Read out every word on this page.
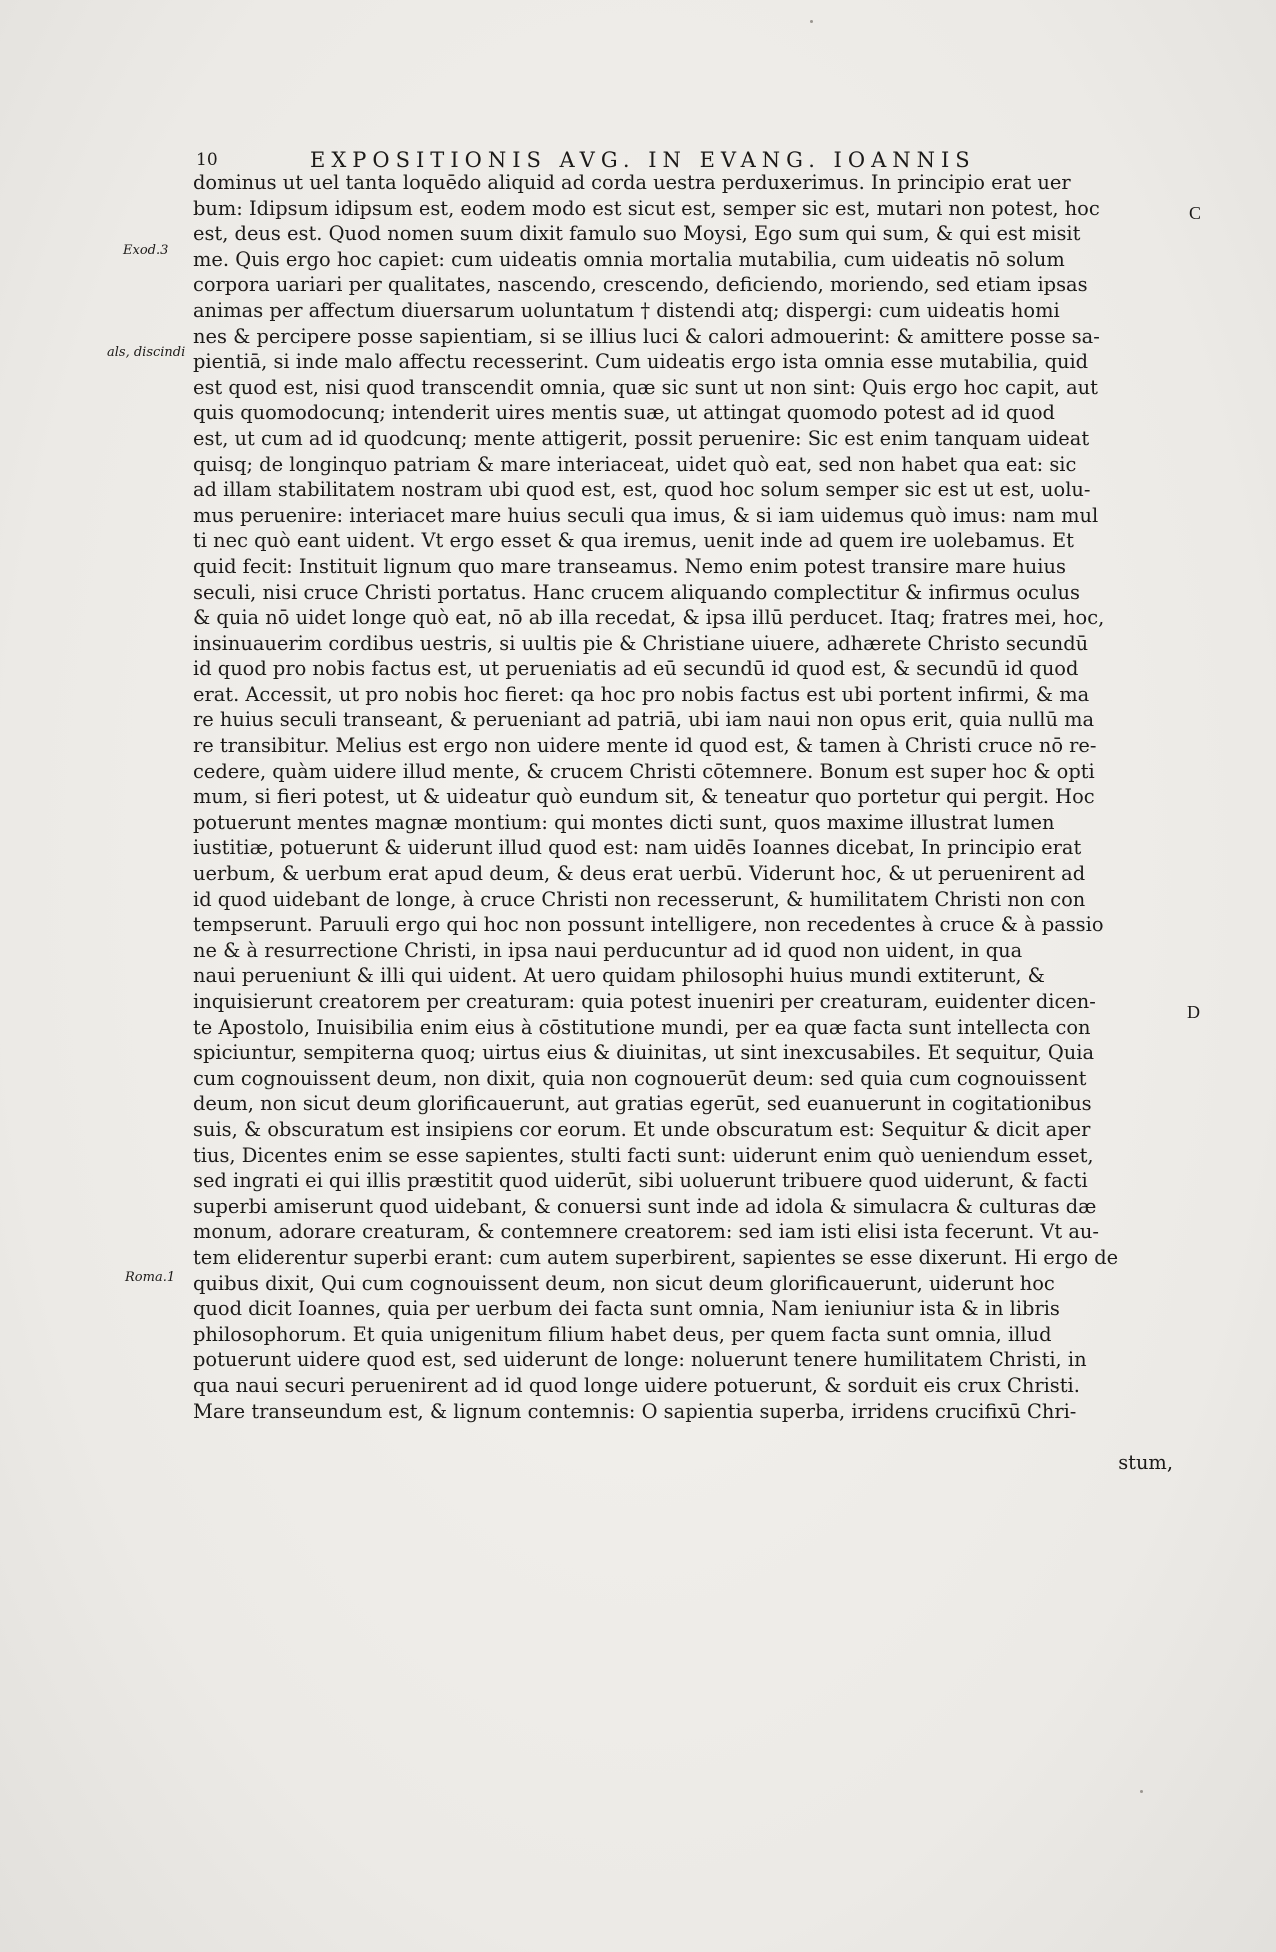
10	EXPOSITIONIS AVG. IN EVANG. IOANNIS
Exod.3
als, discindi
Roma.1
C
D
dominus ut uel tanta loquēdo aliquid ad corda uestra perduxerimus. In principio erat uer
bum: Idipsum idipsum est, eodem modo est sicut est, semper sic est, mutari non potest, hoc
est, deus est. Quod nomen suum dixit famulo suo Moysi, Ego sum qui sum, & qui est misit
me. Quis ergo hoc capiet: cum uideatis omnia mortalia mutabilia, cum uideatis nō solum
corpora uariari per qualitates, nascendo, crescendo, deficiendo, moriendo, sed etiam ipsas
animas per affectum diuersarum uoluntatum † distendi atq; dispergi: cum uideatis homi
nes & percipere posse sapientiam, si se illius luci & calori admouerint: & amittere posse sa-
pientiā, si inde malo affectu recesserint. Cum uideatis ergo ista omnia esse mutabilia, quid
est quod est, nisi quod transcendit omnia, quæ sic sunt ut non sint: Quis ergo hoc capit, aut
quis quomodocunq; intenderit uires mentis suæ, ut attingat quomodo potest ad id quod
est, ut cum ad id quodcunq; mente attigerit, possit peruenire: Sic est enim tanquam uideat
quisq; de longinquo patriam & mare interiaceat, uidet quò eat, sed non habet qua eat: sic
ad illam stabilitatem nostram ubi quod est, est, quod hoc solum semper sic est ut est, uolu-
mus peruenire: interiacet mare huius seculi qua imus, & si iam uidemus quò imus: nam mul
ti nec quò eant uident. Vt ergo esset & qua iremus, uenit inde ad quem ire uolebamus. Et
quid fecit: Instituit lignum quo mare transeamus. Nemo enim potest transire mare huius
seculi, nisi cruce Christi portatus. Hanc crucem aliquando complectitur & infirmus oculus
& quia nō uidet longe quò eat, nō ab illa recedat, & ipsa illū perducet. Itaq; fratres mei, hoc,
insinuauerim cordibus uestris, si uultis pie & Christiane uiuere, adhærete Christo secundū
id quod pro nobis factus est, ut perueniatis ad eū secundū id quod est, & secundū id quod
erat. Accessit, ut pro nobis hoc fieret: qa hoc pro nobis factus est ubi portent infirmi, & ma
re huius seculi transeant, & perueniant ad patriā, ubi iam naui non opus erit, quia nullū ma
re transibitur. Melius est ergo non uidere mente id quod est, & tamen à Christi cruce nō re-
cedere, quàm uidere illud mente, & crucem Christi cōtemnere. Bonum est super hoc & opti
mum, si fieri potest, ut & uideatur quò eundum sit, & teneatur quo portetur qui pergit. Hoc
potuerunt mentes magnæ montium: qui montes dicti sunt, quos maxime illustrat lumen
iustitiæ, potuerunt & uiderunt illud quod est: nam uidēs Ioannes dicebat, In principio erat
uerbum, & uerbum erat apud deum, & deus erat uerbū. Viderunt hoc, & ut peruenirent ad
id quod uidebant de longe, à cruce Christi non recesserunt, & humilitatem Christi non con
tempserunt. Paruuli ergo qui hoc non possunt intelligere, non recedentes à cruce & à passio
ne & à resurrectione Christi, in ipsa naui perducuntur ad id quod non uident, in qua
naui perueniunt & illi qui uident. At uero quidam philosophi huius mundi extiterunt, &
inquisierunt creatorem per creaturam: quia potest inueniri per creaturam, euidenter dicen-
te Apostolo, Inuisibilia enim eius à cōstitutione mundi, per ea quæ facta sunt intellecta con
spiciuntur, sempiterna quoq; uirtus eius & diuinitas, ut sint inexcusabiles. Et sequitur, Quia
cum cognouissent deum, non dixit, quia non cognouerūt deum: sed quia cum cognouissent
deum, non sicut deum glorificauerunt, aut gratias egerūt, sed euanuerunt in cogitationibus
suis, & obscuratum est insipiens cor eorum. Et unde obscuratum est: Sequitur & dicit aper
tius, Dicentes enim se esse sapientes, stulti facti sunt: uiderunt enim quò ueniendum esset,
sed ingrati ei qui illis præstitit quod uiderūt, sibi uoluerunt tribuere quod uiderunt, & facti
superbi amiserunt quod uidebant, & conuersi sunt inde ad idola & simulacra & culturas dæ
monum, adorare creaturam, & contemnere creatorem: sed iam isti elisi ista fecerunt. Vt au-
tem eliderentur superbi erant: cum autem superbirent, sapientes se esse dixerunt. Hi ergo de
quibus dixit, Qui cum cognouissent deum, non sicut deum glorificauerunt, uiderunt hoc
quod dicit Ioannes, quia per uerbum dei facta sunt omnia, Nam ieniuniur ista & in libris
philosophorum. Et quia unigenitum filium habet deus, per quem facta sunt omnia, illud
potuerunt uidere quod est, sed uiderunt de longe: noluerunt tenere humilitatem Christi, in
qua naui securi peruenirent ad id quod longe uidere potuerunt, & sorduit eis crux Christi.
Mare transeundum est, & lignum contemnis: O sapientia superba, irridens crucifixū Chri-
stum,
